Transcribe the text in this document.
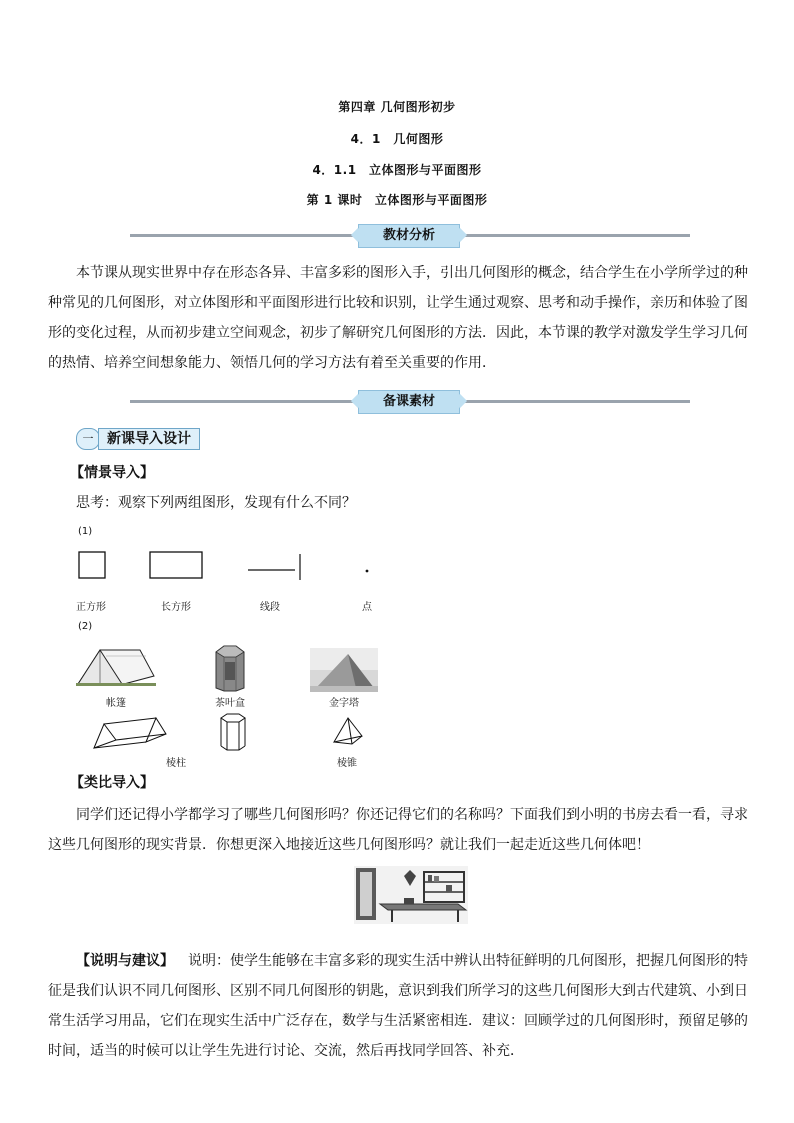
第四章 几何图形初步
4．1　几何图形
4．1.1　立体图形与平面图形
第 1 课时　立体图形与平面图形
教材分析
本节课从现实世界中存在形态各异、丰富多彩的图形入手，引出几何图形的概念，结合学生在小学所学过的种种常见的几何图形，对立体图形和平面图形进行比较和识别，让学生通过观察、思考和动手操作，亲历和体验了图形的变化过程，从而初步建立空间观念，初步了解研究几何图形的方法．因此，本节课的教学对激发学生学习几何的热情、培养空间想象能力、领悟几何的学习方法有着至关重要的作用．
备课素材
一 新课导入设计
【情景导入】
思考：观察下列两组图形，发现有什么不同？
(1)
正方形	长方形	线段	点
(2)
帐篷	茶叶盒	金字塔
棱柱	棱锥
【类比导入】
同学们还记得小学都学习了哪些几何图形吗？你还记得它们的名称吗？下面我们到小明的书房去看一看，寻求这些几何图形的现实背景．你想更深入地接近这些几何图形吗？就让我们一起走近这些几何体吧！
【说明与建议】 说明：使学生能够在丰富多彩的现实生活中辨认出特征鲜明的几何图形，把握几何图形的特征是我们认识不同几何图形、区别不同几何图形的钥匙，意识到我们所学习的这些几何图形大到古代建筑、小到日常生活学习用品，它们在现实生活中广泛存在，数学与生活紧密相连．建议：回顾学过的几何图形时，预留足够的时间，适当的时候可以让学生先进行讨论、交流，然后再找同学回答、补充．
